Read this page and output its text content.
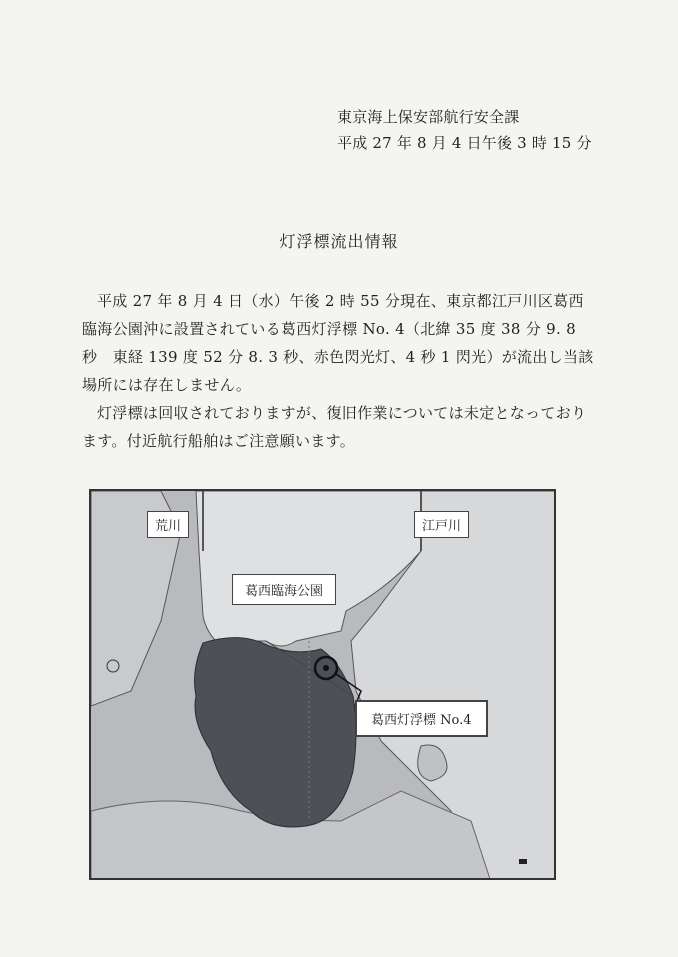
東京海上保安部航行安全課
平成 27 年 8 月 4 日午後 3 時 15 分
灯浮標流出情報

平成 27 年 8 月 4 日（水）午後 2 時 55 分現在、東京都江戸川区葛西臨海公園沖に設置されている葛西灯浮標 No. 4（北緯 35 度 38 分 9. 8 秒　東経 139 度 52 分 8. 3 秒、赤色閃光灯、4 秒 1 閃光）が流出し当該場所には存在しません。

灯浮標は回収されておりますが、復旧作業については未定となっております。付近航行船舶はご注意願います。

荒川	江戸川
葛西臨海公園
葛西灯浮標 No.4
